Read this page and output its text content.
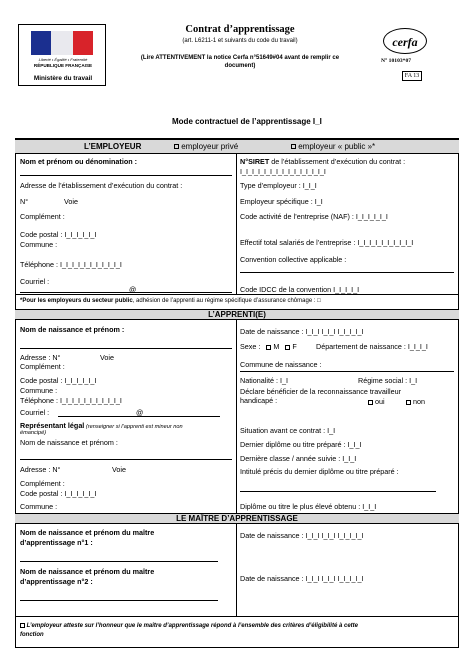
Liberté • Égalité • Fraternité
RÉPUBLIQUE FRANÇAISE
Ministère du travail
Contrat d’apprentissage
(art. L6211-1 et suivants du code du travail)
(Lire ATTENTIVEMENT la notice Cerfa n°51649#04 avant de remplir ce
document)
cerfa
N° 10103*07
FA 13
Mode contractuel de l’apprentissage I_I
L’EMPLOYEUR	employeur privé	employeur « public »*
Nom et prénom ou dénomination :
Adresse de l’établissement d’exécution du contrat :
N°	Voie
Complément :
Code postal : I_I_I_I_I_I
Commune :
Téléphone : I_I_I_I_I_I_I_I_I_I_I
Courriel :
@
N°SIRET de l’établissement d’exécution du contrat :
I_I_I_I_I_I_I_I_I_I_I_I_I_I_I
Type d’employeur : I_I_I
Employeur spécifique : I_I
Code activité de l’entreprise (NAF) : I_I_I_I_I_I
Effectif total salariés de l’entreprise : I_I_I_I_I_I_I_I_I_I
Convention collective applicable :
Code IDCC de la convention I_I_I_I_I
*Pour les employeurs du secteur public, adhésion de l’apprenti au régime spécifique d’assurance chômage : □
L’APPRENTI(E)
Nom de naissance et prénom :
Adresse : N°	Voie
Complément :
Code postal : I_I_I_I_I_I
Commune :
Téléphone : I_I_I_I_I_I_I_I_I_I_I
Courriel :	@
Représentant légal (renseigner si l’apprenti est mineur non
émancipé)
Nom de naissance et prénom :
Adresse : N°	Voie
Complément :
Code postal : I_I_I_I_I_I
Commune :
Date de naissance : I_I_I I_I_I I_I_I_I_I
Sexe : M F	Département de naissance : I_I_I_I
Commune de naissance :
Nationalité : I_I	Régime social : I_I
Déclare bénéficier de la reconnaissance travailleur
handicapé :	oui	non
Situation avant ce contrat : I_I
Dernier diplôme ou titre préparé : I_I_I
Dernière classe / année suivie : I_I_I
Intitulé précis du dernier diplôme ou titre préparé :
Diplôme ou titre le plus élevé obtenu : I_I_I
LE MAÎTRE D’APPRENTISSAGE
Nom de naissance et prénom du maître
d’apprentissage n°1 :
Date de naissance : I_I_I I_I_I I_I_I_I_I
Nom de naissance et prénom du maître
d’apprentissage n°2 :	Date de naissance : I_I_I I_I_I I_I_I_I_I
L’employeur atteste sur l’honneur que le maître d’apprentissage répond à l’ensemble des critères d’éligibilité à cette
fonction
